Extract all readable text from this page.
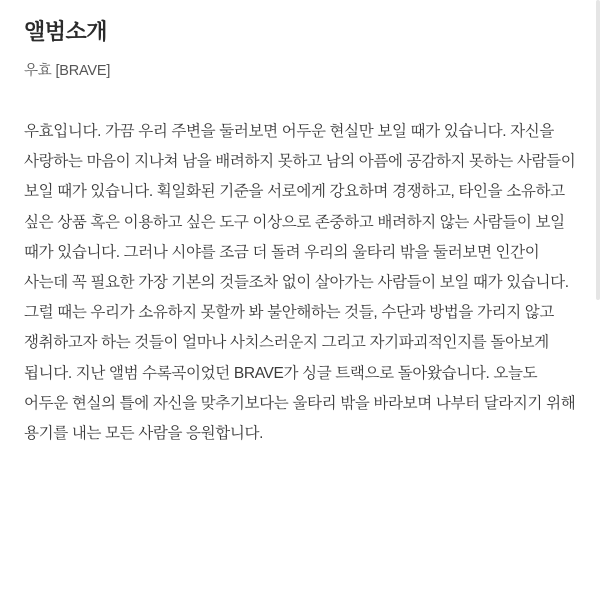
앨범소개

우효 [BRAVE]

우효입니다. 가끔 우리 주변을 둘러보면 어두운 현실만 보일 때가 있습니다. 자신을 사랑하는 마음이 지나쳐 남을 배려하지 못하고 남의 아픔에 공감하지 못하는 사람들이 보일 때가 있습니다. 획일화된 기준을 서로에게 강요하며 경쟁하고, 타인을 소유하고 싶은 상품 혹은 이용하고 싶은 도구 이상으로 존중하고 배려하지 않는 사람들이 보일 때가 있습니다. 그러나 시야를 조금 더 돌려 우리의 울타리 밖을 둘러보면 인간이 사는데 꼭 필요한 가장 기본의 것들조차 없이 살아가는 사람들이 보일 때가 있습니다. 그럴 때는 우리가 소유하지 못할까 봐 불안해하는 것들, 수단과 방법을 가리지 않고 쟁취하고자 하는 것들이 얼마나 사치스러운지 그리고 자기파괴적인지를 돌아보게 됩니다. 지난 앨범 수록곡이었던 BRAVE가 싱글 트랙으로 돌아왔습니다. 오늘도 어두운 현실의 틀에 자신을 맞추기보다는 울타리 밖을 바라보며 나부터 달라지기 위해 용기를 내는 모든 사람을 응원합니다.
